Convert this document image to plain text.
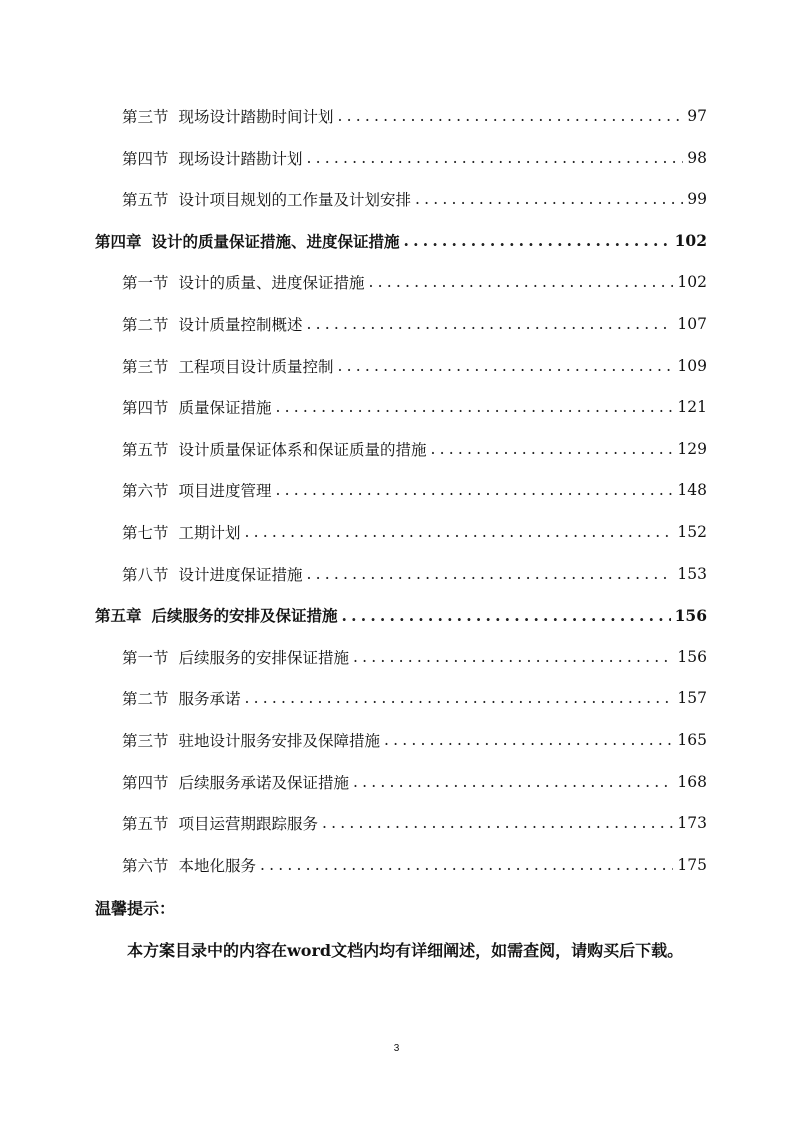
第三节 现场设计踏勘时间计划 .....	97
第四节 现场设计踏勘计划 .....	98
第五节 设计项目规划的工作量及计划安排 .....	99
第四章 设计的质量保证措施、进度保证措施 .....	102
第一节 设计的质量、进度保证措施 .....	102
第二节 设计质量控制概述 .....	107
第三节 工程项目设计质量控制 .....	109
第四节 质量保证措施 .....	121
第五节 设计质量保证体系和保证质量的措施 .....	129
第六节 项目进度管理 .....	148
第七节 工期计划 .....	152
第八节 设计进度保证措施 .....	153
第五章 后续服务的安排及保证措施 .....	156
第一节 后续服务的安排保证措施 .....	156
第二节 服务承诺 .....	157
第三节 驻地设计服务安排及保障措施 .....	165
第四节 后续服务承诺及保证措施 .....	168
第五节 项目运营期跟踪服务 .....	173
第六节 本地化服务 .....	175
温馨提示：
本方案目录中的内容在word文档内均有详细阐述，如需查阅，请购买后下载。
3
